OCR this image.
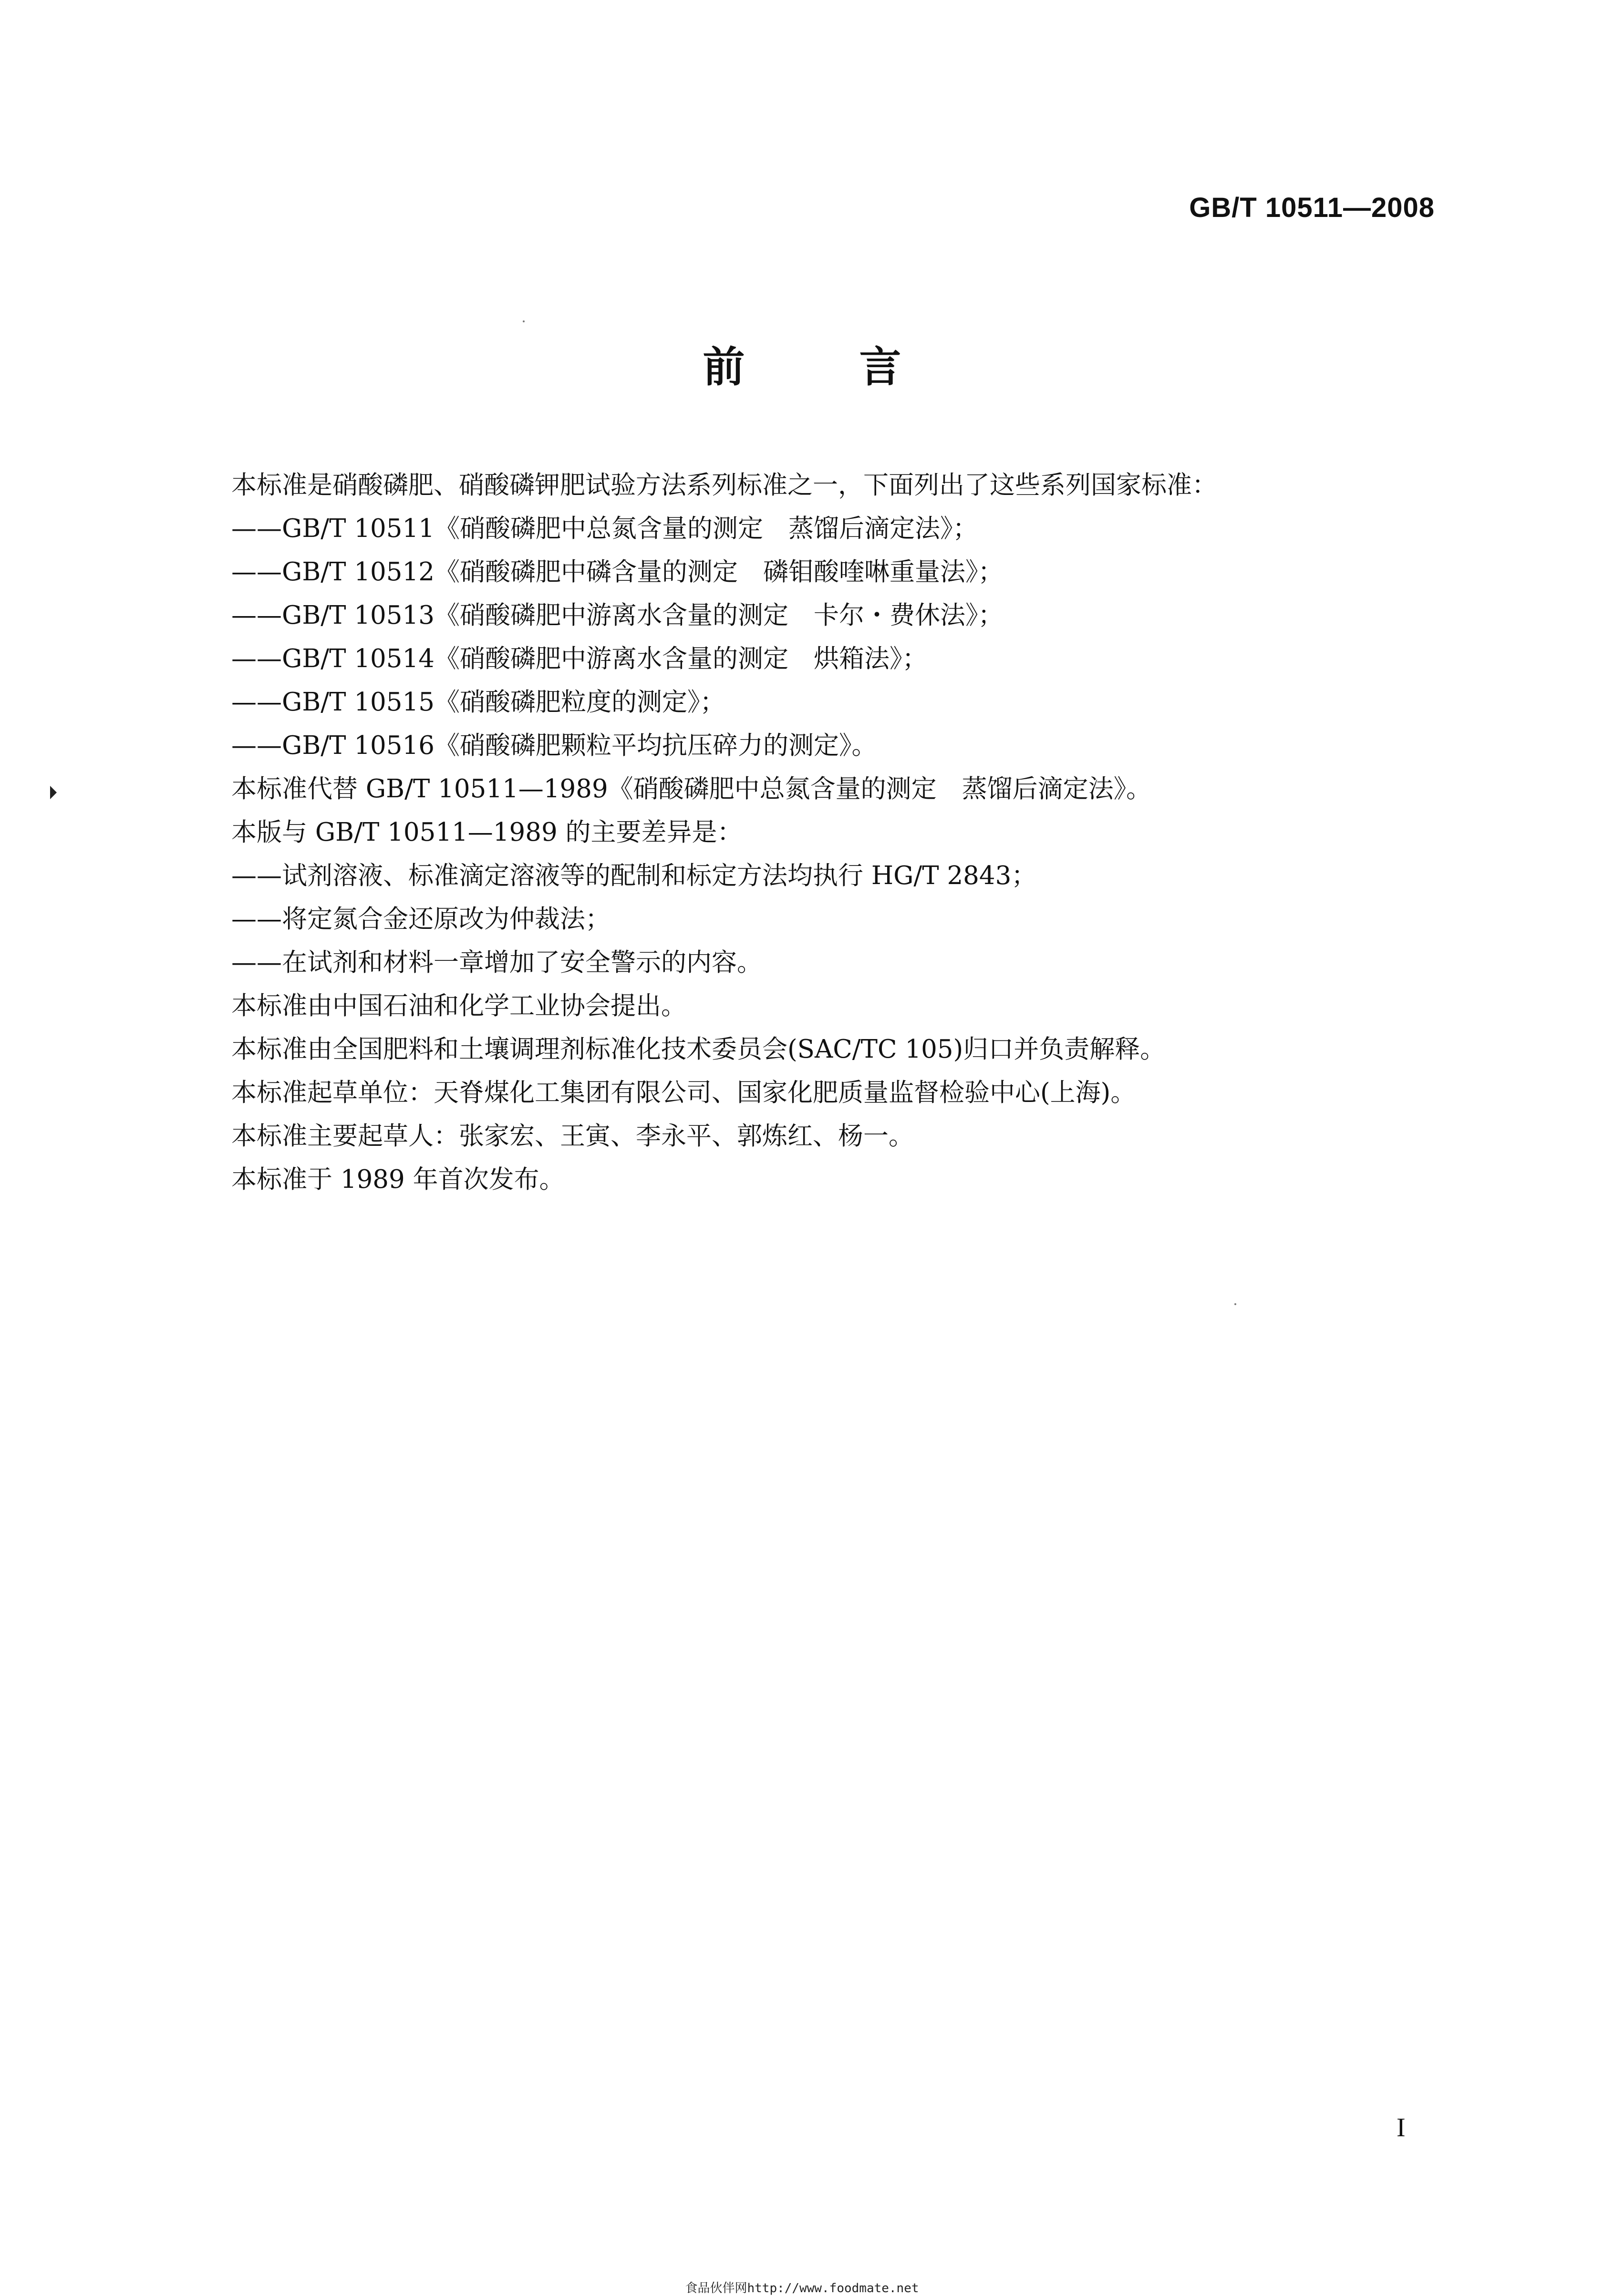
GB/T 10511—2008
前言
本标准是硝酸磷肥、硝酸磷钾肥试验方法系列标准之一，下面列出了这些系列国家标准：
——GB/T 10511《硝酸磷肥中总氮含量的测定　蒸馏后滴定法》；
——GB/T 10512《硝酸磷肥中磷含量的测定　磷钼酸喹啉重量法》；
——GB/T 10513《硝酸磷肥中游离水含量的测定　卡尔・费休法》；
——GB/T 10514《硝酸磷肥中游离水含量的测定　烘箱法》；
——GB/T 10515《硝酸磷肥粒度的测定》；
——GB/T 10516《硝酸磷肥颗粒平均抗压碎力的测定》。
本标准代替 GB/T 10511—1989《硝酸磷肥中总氮含量的测定　蒸馏后滴定法》。
本版与 GB/T 10511—1989 的主要差异是：
——试剂溶液、标准滴定溶液等的配制和标定方法均执行 HG/T 2843；
——将定氮合金还原改为仲裁法；
——在试剂和材料一章增加了安全警示的内容。
本标准由中国石油和化学工业协会提出。
本标准由全国肥料和土壤调理剂标准化技术委员会(SAC/TC 105)归口并负责解释。
本标准起草单位：天脊煤化工集团有限公司、国家化肥质量监督检验中心(上海)。
本标准主要起草人：张家宏、王寅、李永平、郭炼红、杨一。
本标准于 1989 年首次发布。
I
食品伙伴网http://www.foodmate.net
